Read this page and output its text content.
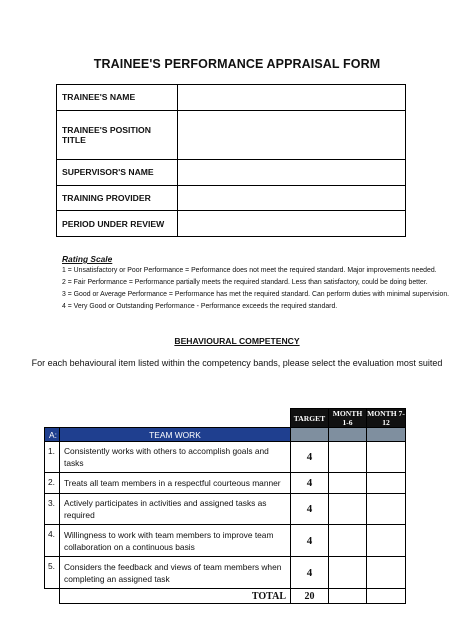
TRAINEE'S PERFORMANCE APPRAISAL FORM
TRAINEE'S NAME	
TRAINEE'S POSITION TITLE	
SUPERVISOR'S NAME	
TRAINING PROVIDER	
PERIOD UNDER REVIEW	
Rating Scale
1 = Unsatisfactory or Poor Performance = Performance does not meet the required standard. Major improvements needed.
2 = Fair Performance = Performance partially meets the required standard. Less than satisfactory, could be doing better.
3 = Good or Average Performance = Performance has met the required standard. Can perform duties with minimal supervision.
4 = Very Good or Outstanding Performance - Performance exceeds the required standard.
BEHAVIOURAL COMPETENCY
For each behavioural item listed within the competency bands, please select the evaluation most suited
		TARGET	MONTH 1-6	MONTH 7-12
A:	TEAM WORK			
1.	Consistently works with others to accomplish goals and tasks	4		
2.	Treats all team members in a respectful courteous manner	4		
3.	Actively participates in activities and assigned tasks as required	4		
4.	Willingness to work with team members to improve team collaboration on a continuous basis	4		
5.	Considers the feedback and views of team members when completing an assigned task	4		
	TOTAL	20		
